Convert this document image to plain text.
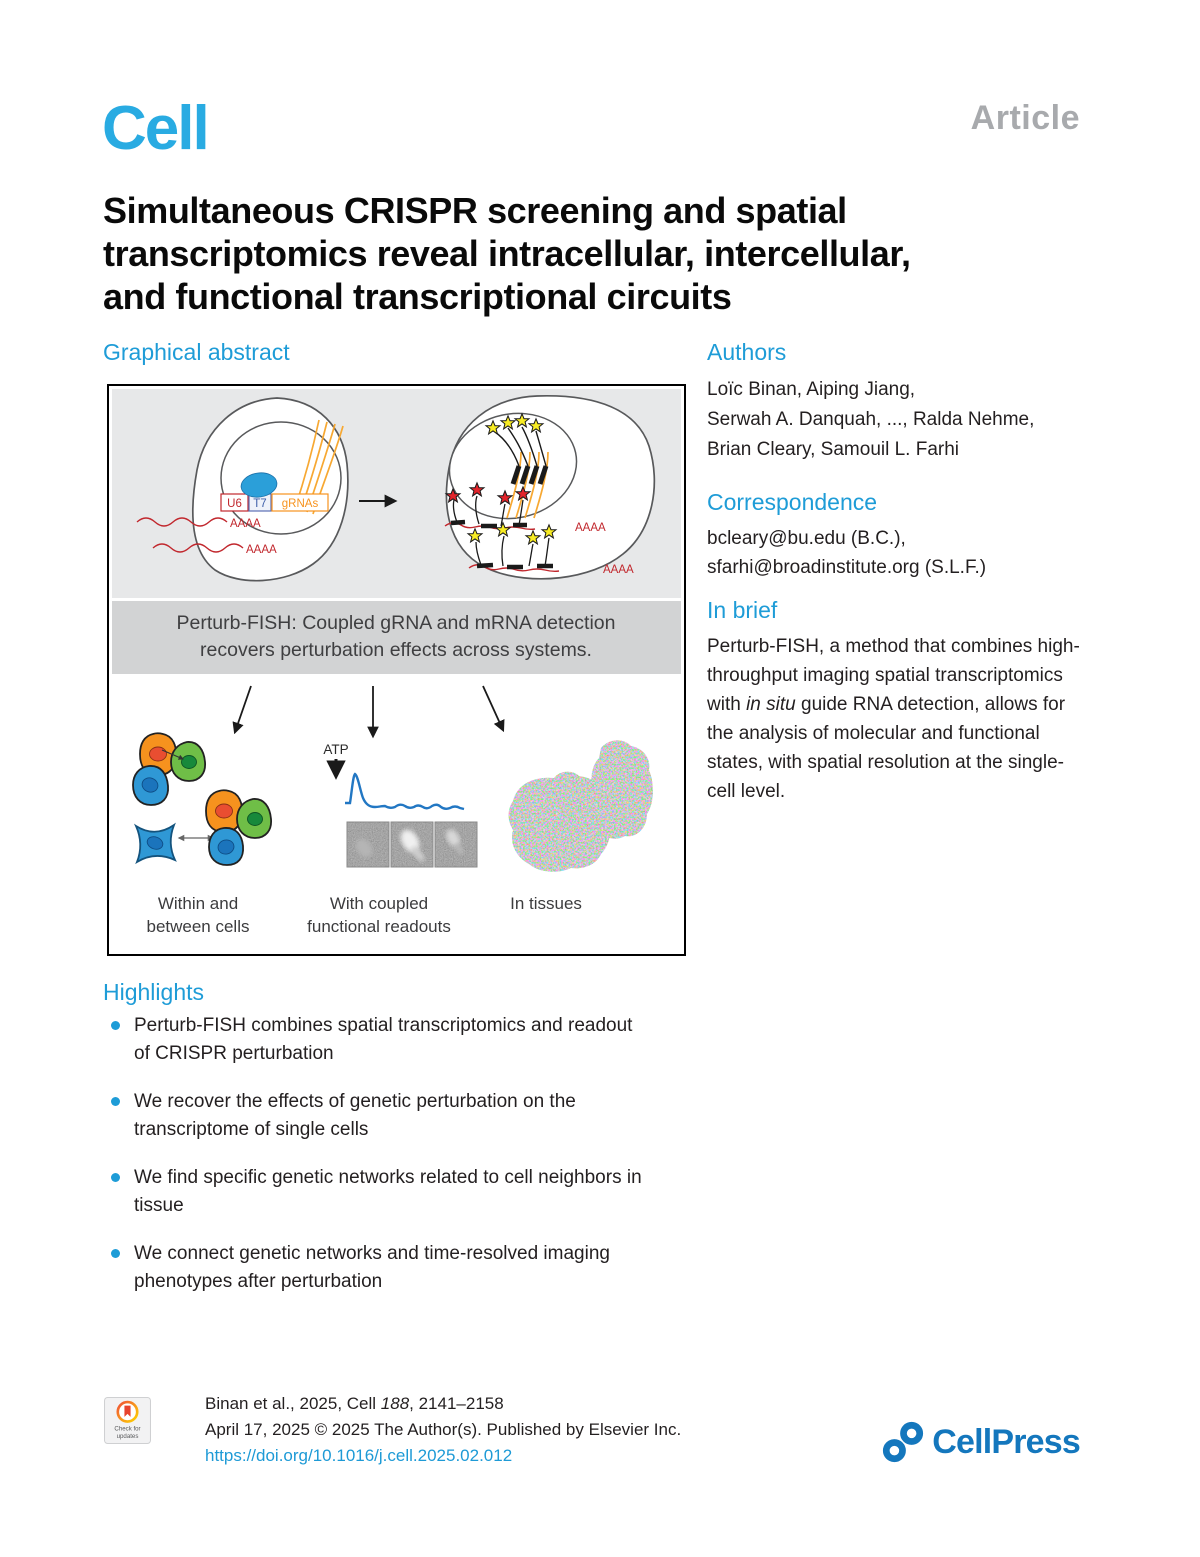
Cell	Article
Simultaneous CRISPR screening and spatial
transcriptomics reveal intracellular, intercellular,
and functional transcriptional circuits
Graphical abstract
Perturb-FISH: Coupled gRNA and mRNA detection
recovers perturbation effects across systems.
U6 T7 gRNAs
AAAA
AAAA
AAAA
AAAA
ATP
Within and
between cells
With coupled
functional readouts
In tissues
Authors
Loïc Binan, Aiping Jiang,
Serwah A. Danquah, ..., Ralda Nehme,
Brian Cleary, Samouil L. Farhi
Correspondence
bcleary@bu.edu (B.C.),
sfarhi@broadinstitute.org (S.L.F.)
In brief
Perturb-FISH, a method that combines high-throughput imaging spatial transcriptomics with in situ guide RNA detection, allows for the analysis of molecular and functional states, with spatial resolution at the single-cell level.
Highlights
Perturb-FISH combines spatial transcriptomics and readout
of CRISPR perturbation
We recover the effects of genetic perturbation on the
transcriptome of single cells
We find specific genetic networks related to cell neighbors in
tissue
We connect genetic networks and time-resolved imaging
phenotypes after perturbation
Check for
updates
Binan et al., 2025, Cell 188, 2141–2158
April 17, 2025 © 2025 The Author(s). Published by Elsevier Inc.
https://doi.org/10.1016/j.cell.2025.02.012	CellPress
